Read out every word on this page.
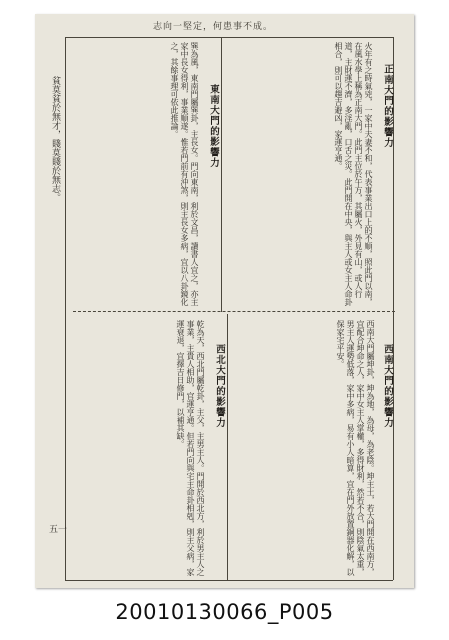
志向一堅定，何患事不成。
貧莫貧於無才，賤莫賤於無志。
五一
正南大門的影響力
火年有之時氣兇，一家中夫妻不和，代表事業出口上的不順，照此門以南，在風水學上稱為正南大門。此門主位於午方，其屬火，外見有山，或人行道，主財運不濟，多淫亂，口舌之災。此門開在中央，與主人或女主人命卦相合，則可以趨吉避凶，家運亨通。
東南大門的影響力
巽為風，東南門屬巽卦，主長女。門向東南，利於文昌，讀書人宜之，亦主家中長女得利，事業順遂。惟若門前有沖煞，則主長女多病，宜以八卦鏡化之，其餘事理可依此推論。
西南大門的影響力
西南大門屬坤卦，坤為地，為母，為老陰。坤主土，若大門開在西南方，宜配合坤命之人，家中女主人掌權，多得財利，然若不合，則陰氣太重，男主人運勢低落，家中多病，易有小人暗算，宜在門外放置銅器化解，以保家宅平安。
西北大門的影響力
乾為天，西北門屬乾卦，主父，主男主人。門開於西北方，利於男主人之事業，主貴人相助，官運亨通。但若門向與宅主命卦相剋，則主父病，家運衰退，宜擇吉日修門，以補其缺。
20010130066_P005
